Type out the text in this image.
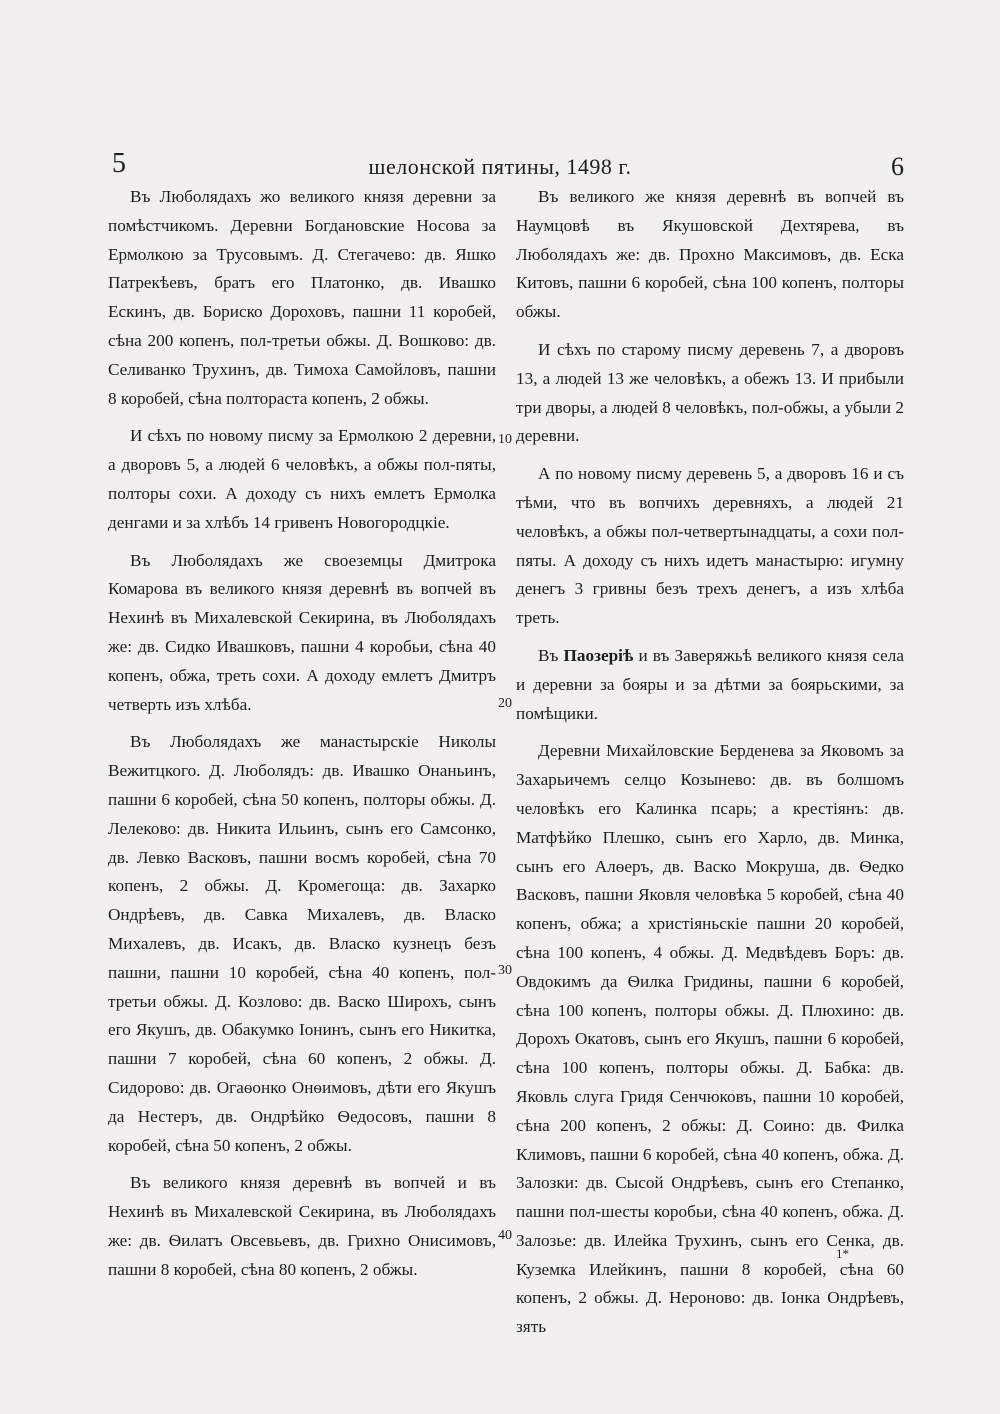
5	шелонской пятины, 1498 г.	6

Въ Люболядахъ жо великого князя деревни за помѣстчикомъ. Деревни Богдановские Носова за Ермолкою за Трусовымъ. Д. Стегачево: дв. Яшко Патрекѣевъ, братъ его Платонко, дв. Ивашко Ескинъ, дв. Бориско Дороховъ, пашни 11 коробей, сѣна 200 копенъ, пол-третьи обжы. Д. Вошково: дв. Селиванко Трухинъ, дв. Тимоха Самойловъ, пашни 8 коробей, сѣна полтораста копенъ, 2 обжы.

И сѣхъ по новому писму за Ермолкою 2 деревни, а дворовъ 5, а людей 6 человѣкъ, а обжы пол-пяты, полторы сохи. А доходу съ нихъ емлетъ Ермолка денгами и за хлѣбъ 14 гривенъ Новогородцкіе.

Въ Люболядахъ же своеземцы Дмитрока Комарова въ великого князя деревнѣ въ вопчей въ Нехинѣ въ Михалевской Секирина, въ Люболядахъ же: дв. Сидко Ивашковъ, пашни 4 коробьи, сѣна 40 копенъ, обжа, треть сохи. А доходу емлетъ Дмитръ четверть изъ хлѣба.

Въ Люболядахъ же манастырскіе Николы Вежитцкого. Д. Люболядъ: дв. Ивашко Онаньинъ, пашни 6 коробей, сѣна 50 копенъ, полторы обжы. Д. Лелеково: дв. Никита Ильинъ, сынъ его Самсонко, дв. Левко Васковъ, пашни восмъ коробей, сѣна 70 копенъ, 2 обжы. Д. Кромегоща: дв. Захарко Ондрѣевъ, дв. Савка Михалевъ, дв. Власко Михалевъ, дв. Исакъ, дв. Власко кузнецъ безъ пашни, пашни 10 коробей, сѣна 40 копенъ, пол-третьи обжы. Д. Козлово: дв. Васко Широхъ, сынъ его Якушъ, дв. Обакумко Іонинъ, сынъ его Никитка, пашни 7 коробей, сѣна 60 копенъ, 2 обжы. Д. Сидорово: дв. Огаѳонко Онѳимовъ, дѣти его Якушъ да Нестеръ, дв. Ондрѣйко Ѳедосовъ, пашни 8 коробей, сѣна 50 копенъ, 2 обжы.

Въ великого князя деревнѣ въ вопчей и въ Нехинѣ въ Михалевской Секирина, въ Люболядахъ же: дв. Ѳилатъ Овсевьевъ, дв. Грихно Онисимовъ, пашни 8 коробей, сѣна 80 копенъ, 2 обжы.

Въ великого же князя деревнѣ въ вопчей въ Наумцовѣ въ Якушовской Дехтярева, въ Люболядахъ же: дв. Прохно Максимовъ, дв. Еска Китовъ, пашни 6 коробей, сѣна 100 копенъ, полторы обжы.

И сѣхъ по старому писму деревень 7, а дворовъ 13, а людей 13 же человѣкъ, а обежъ 13. И прибыли три дворы, а людей 8 человѣкъ, пол-обжы, а убыли 2 деревни.

А по новому писму деревень 5, а дворовъ 16 и съ тѣми, что въ вопчихъ деревняхъ, а людей 21 человѣкъ, а обжы пол-четвертынадцаты, а сохи пол-пяты. А доходу съ нихъ идетъ манастырю: игумну денегъ 3 гривны безъ трехъ денегъ, а изъ хлѣба треть.

Въ Паозеріѣ и въ Заверяжьѣ великого князя села и деревни за бояры и за дѣтми за боярьскими, за помѣщики.

Деревни Михайловские Берденева за Яковомъ за Захарьичемъ селцо Козынево: дв. въ болшомъ человѣкъ его Калинка псарь; а крестіянъ: дв. Матфѣйко Плешко, сынъ его Харло, дв. Минка, сынъ его Алѳеръ, дв. Васко Мокруша, дв. Ѳедко Васковъ, пашни Яковля человѣка 5 коробей, сѣна 40 копенъ, обжа; а христіяньскіе пашни 20 коробей, сѣна 100 копенъ, 4 обжы. Д. Медвѣдевъ Боръ: дв. Овдокимъ да Ѳилка Гридины, пашни 6 коробей, сѣна 100 копенъ, полторы обжы. Д. Плюхино: дв. Дорохъ Окатовъ, сынъ его Якушъ, пашни 6 коробей, сѣна 100 копенъ, полторы обжы. Д. Бабка: дв. Яковль слуга Гридя Сенчюковъ, пашни 10 коробей, сѣна 200 копенъ, 2 обжы: Д. Соино: дв. Филка Климовъ, пашни 6 коробей, сѣна 40 копенъ, обжа. Д. Залозки: дв. Сысой Ондрѣевъ, сынъ его Степанко, пашни пол-шесты коробьи, сѣна 40 копенъ, обжа. Д. Залозье: дв. Илейка Трухинъ, сынъ его Сенка, дв. Куземка Илейкинъ, пашни 8 коробей, сѣна 60 копенъ, 2 обжы. Д. Нероново: дв. Іонка Ондрѣевъ, зять

10
20
30
40
1*
